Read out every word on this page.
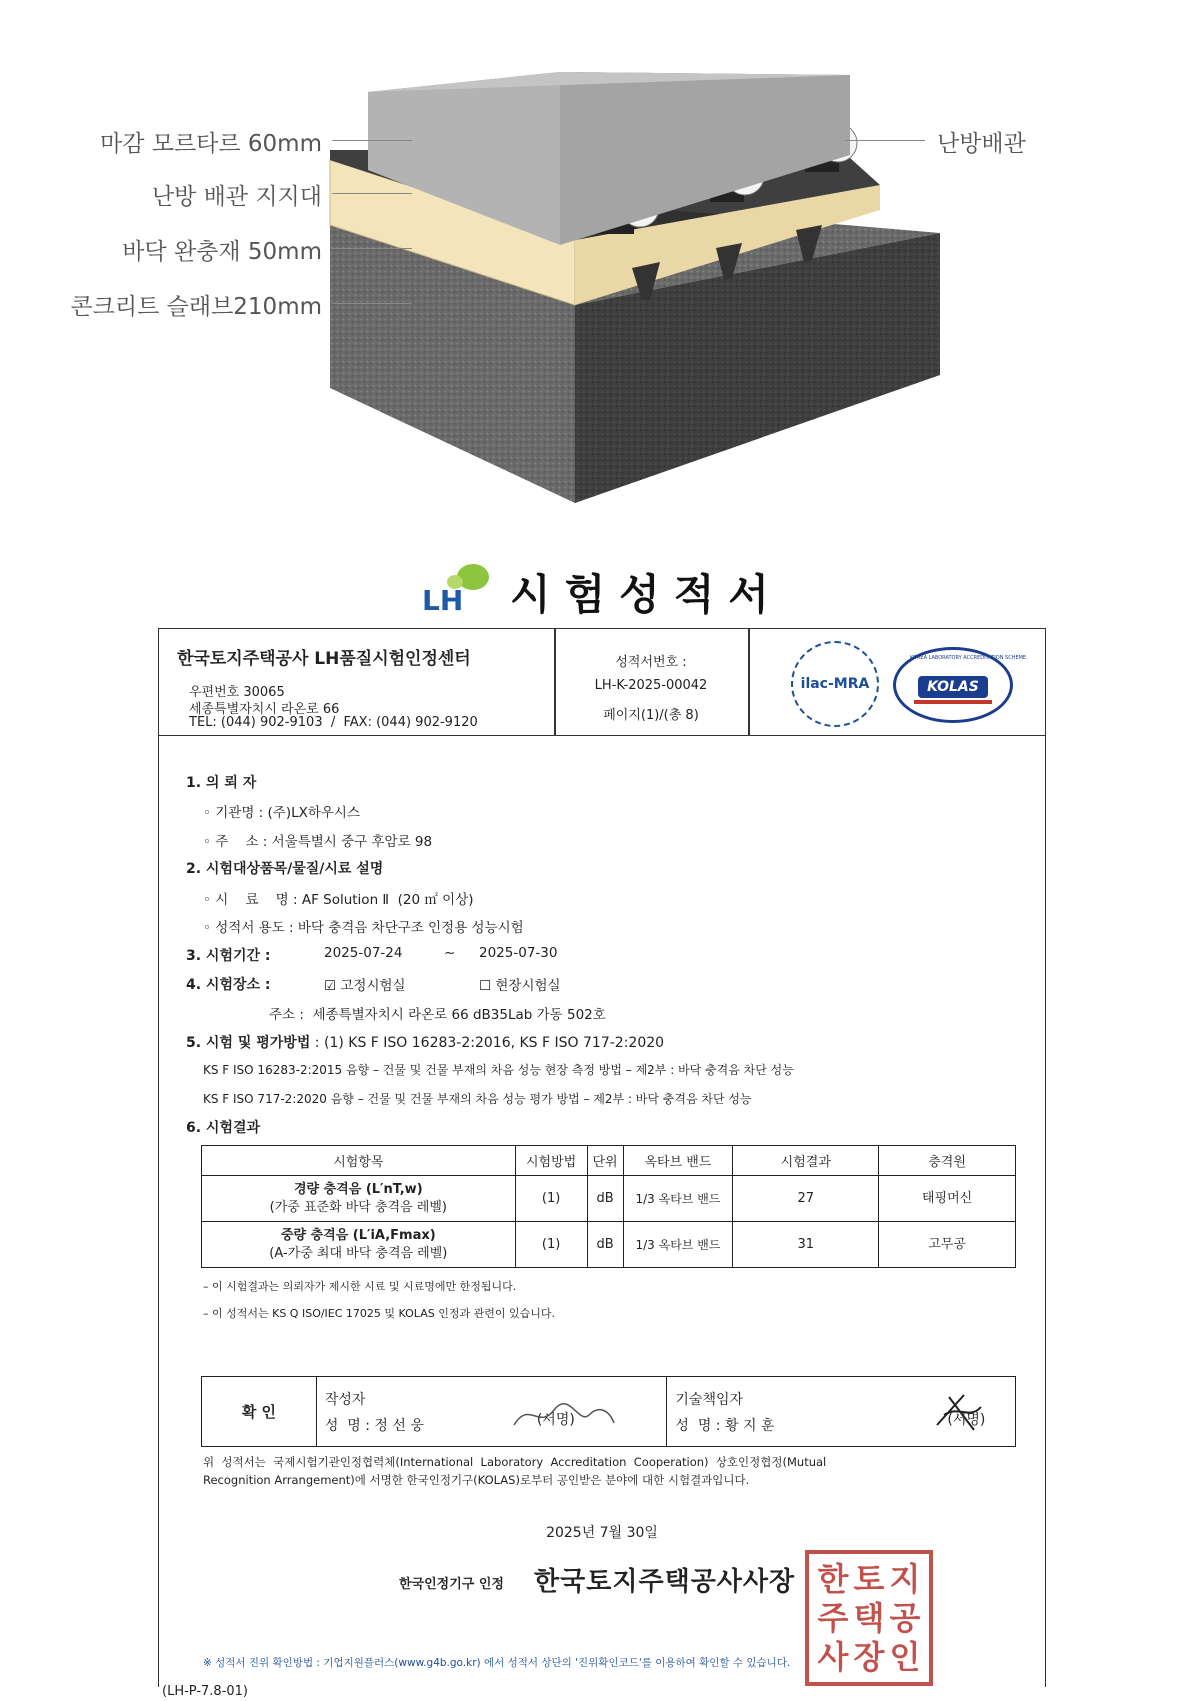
마감 모르타르 60mm
난방 배관 지지대
바닥 완충재 50mm
콘크리트 슬래브210mm
난방배관
LH 시험성적서
한국토지주택공사 LH품질시험인정센터
우편번호 30065
세종특별자치시 라온로 66
TEL: (044) 902-9103  /  FAX: (044) 902-9120
성적서번호 :
LH-K-2025-00042
페이지(1)/(총 8)
ilac-MRA
KOREA LABORATORY ACCREDITATION SCHEME
KOLAS
1. 의 뢰 자
◦ 기관명 : (주)LX하우시스
◦ 주    소 : 서울특별시 중구 후암로 98
2. 시험대상품목/물질/시료 설명
◦ 시    료    명 : AF Solution Ⅱ  (20 ㎡ 이상)
◦ 성적서 용도 : 바닥 충격음 차단구조 인정용 성능시험
3. 시험기간 :	2025-07-24	~ 2025-07-30
4. 시험장소 :	☑ 고정시험실	☐ 현장시험실
주소 :  세종특별자치시 라온로 66 dB35Lab 가동 502호
5. 시험 및 평가방법 : (1) KS F ISO 16283-2:2016, KS F ISO 717-2:2020
KS F ISO 16283-2:2015 음향 – 건물 및 건물 부재의 차음 성능 현장 측정 방법 – 제2부 : 바닥 충격음 차단 성능
KS F ISO 717-2:2020 음향 – 건물 및 건물 부재의 차음 성능 평가 방법 – 제2부 : 바닥 충격음 차단 성능
6. 시험결과
시험항목	시험방법	단위	옥타브 밴드	시험결과	충격원

경량 충격음 (L′nT,w)
(가중 표준화 바닥 충격음 레벨)	(1)	dB	1/3 옥타브 밴드	27	태핑머신

중량 충격음 (L′iA,Fmax)
(A-가중 최대 바닥 충격음 레벨)	(1)	dB	1/3 옥타브 밴드	31	고무공
– 이 시험결과는 의뢰자가 제시한 시료 및 시료명에만 한정됩니다.
– 이 성적서는 KS Q ISO/IEC 17025 및 KOLAS 인정과 관련이 있습니다.
확 인	
작성자
성  명 : 정 선 웅	(서명)

기술책임자
성  명 : 황 지 훈	(서명)
위  성적서는  국제시험기관인정협력체(International  Laboratory  Accreditation  Cooperation)  상호인정협정(Mutual
Recognition Arrangement)에 서명한 한국인정기구(KOLAS)로부터 공인받은 분야에 대한 시험결과입니다.
2025년 7월 30일
한국인정기구 인정 한국토지주택공사사장 한 토 지
주 택 공
사 장 인
※ 성적서 진위 확인방법 : 기업지원플러스(www.g4b.go.kr) 에서 성적서 상단의 '진위확인코드'를 이용하여 확인할 수 있습니다.
(LH-P-7.8-01)
